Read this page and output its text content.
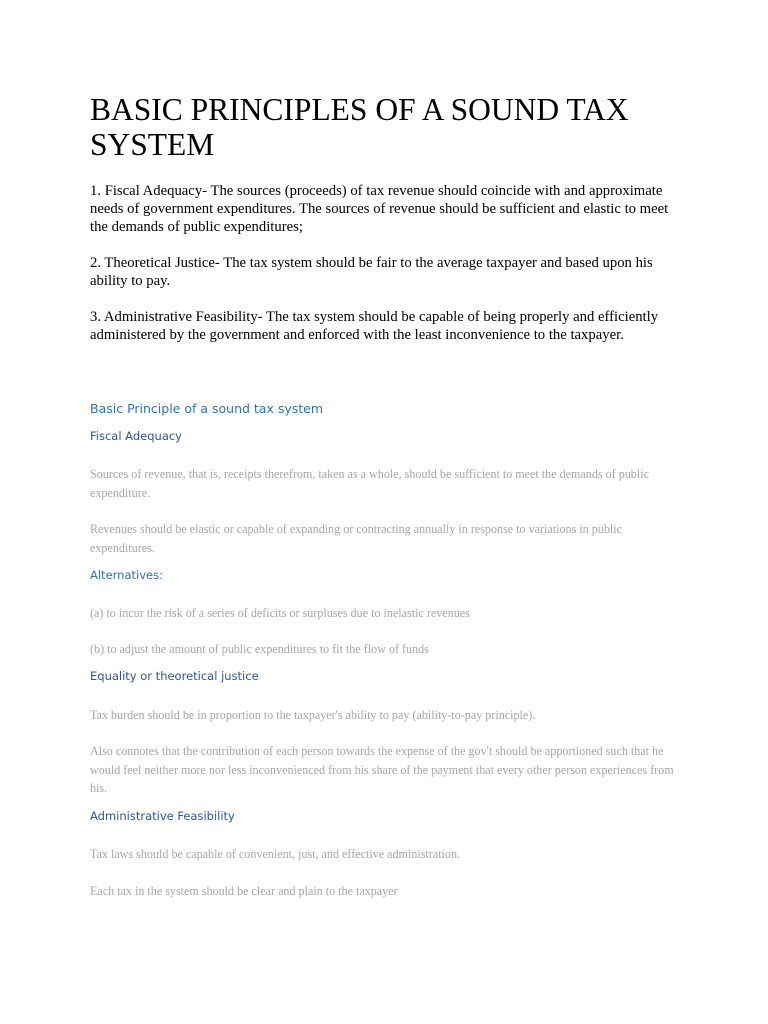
BASIC PRINCIPLES OF A SOUND TAX SYSTEM

1. Fiscal Adequacy- The sources (proceeds) of tax revenue should coincide with and approximate needs of government expenditures. The sources of revenue should be sufficient and elastic to meet the demands of public expenditures;

2. Theoretical Justice- The tax system should be fair to the average taxpayer and based upon his ability to pay.

3. Administrative Feasibility- The tax system should be capable of being properly and efficiently administered by the government and enforced with the least inconvenience to the taxpayer.

Basic Principle of a sound tax system
Fiscal Adequacy

Sources of revenue, that is, receipts therefrom, taken as a whole, should be sufficient to meet the demands of public expenditure.

Revenues should be elastic or capable of expanding or contracting annually in response to variations in public expenditures.

Alternatives:

(a) to incur the risk of a series of deficits or surpluses due to inelastic revenues

(b) to adjust the amount of public expenditures to fit the flow of funds

Equality or theoretical justice

Tax burden should be in proportion to the taxpayer's ability to pay (ability-to-pay principle).

Also connotes that the contribution of each person towards the expense of the gov't should be apportioned such that he would feel neither more nor less inconvenienced from his share of the payment that every other person experiences from his.

Administrative Feasibility

Tax laws should be capable of convenient, just, and effective administration.

Each tax in the system should be clear and plain to the taxpayer
